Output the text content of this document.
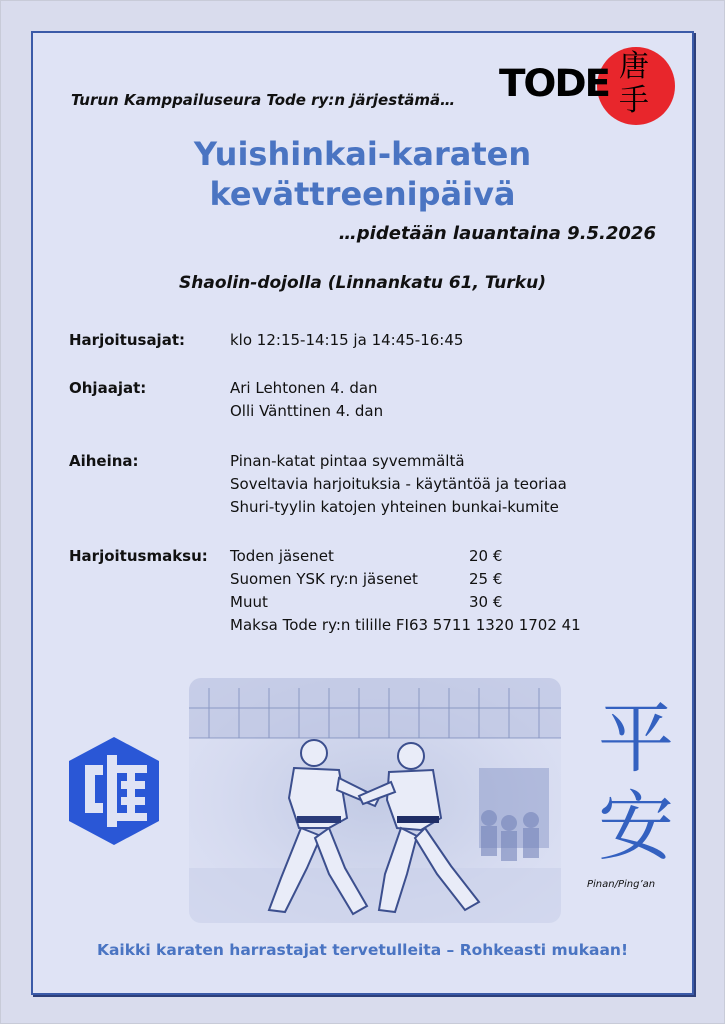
Turun Kamppailuseura Tode ry:n järjestämä… TODE 唐
手
Yuishinkai-karaten
kevättreenipäivä
…pidetään lauantaina 9.5.2026
Shaolin-dojolla (Linnankatu 61, Turku)
Harjoitusajat:	klo 12:15-14:15 ja 14:45-16:45
Ohjaajat:	Ari Lehtonen 4. dan
Olli Vänttinen 4. dan
Aiheina:	Pinan-katat pintaa syvemmältä
Soveltavia harjoituksia - käytäntöä ja teoriaa
Shuri-tyylin katojen yhteinen bunkai-kumite
Harjoitusmaksu: Toden jäsenet	20 €
Suomen YSK ry:n jäsenet	25 €
Muut	30 €
Maksa Tode ry:n tilille FI63 5711 1320 1702 41
平
安
Pinan/Ping’an
Kaikki karaten harrastajat tervetulleita – Rohkeasti mukaan!
